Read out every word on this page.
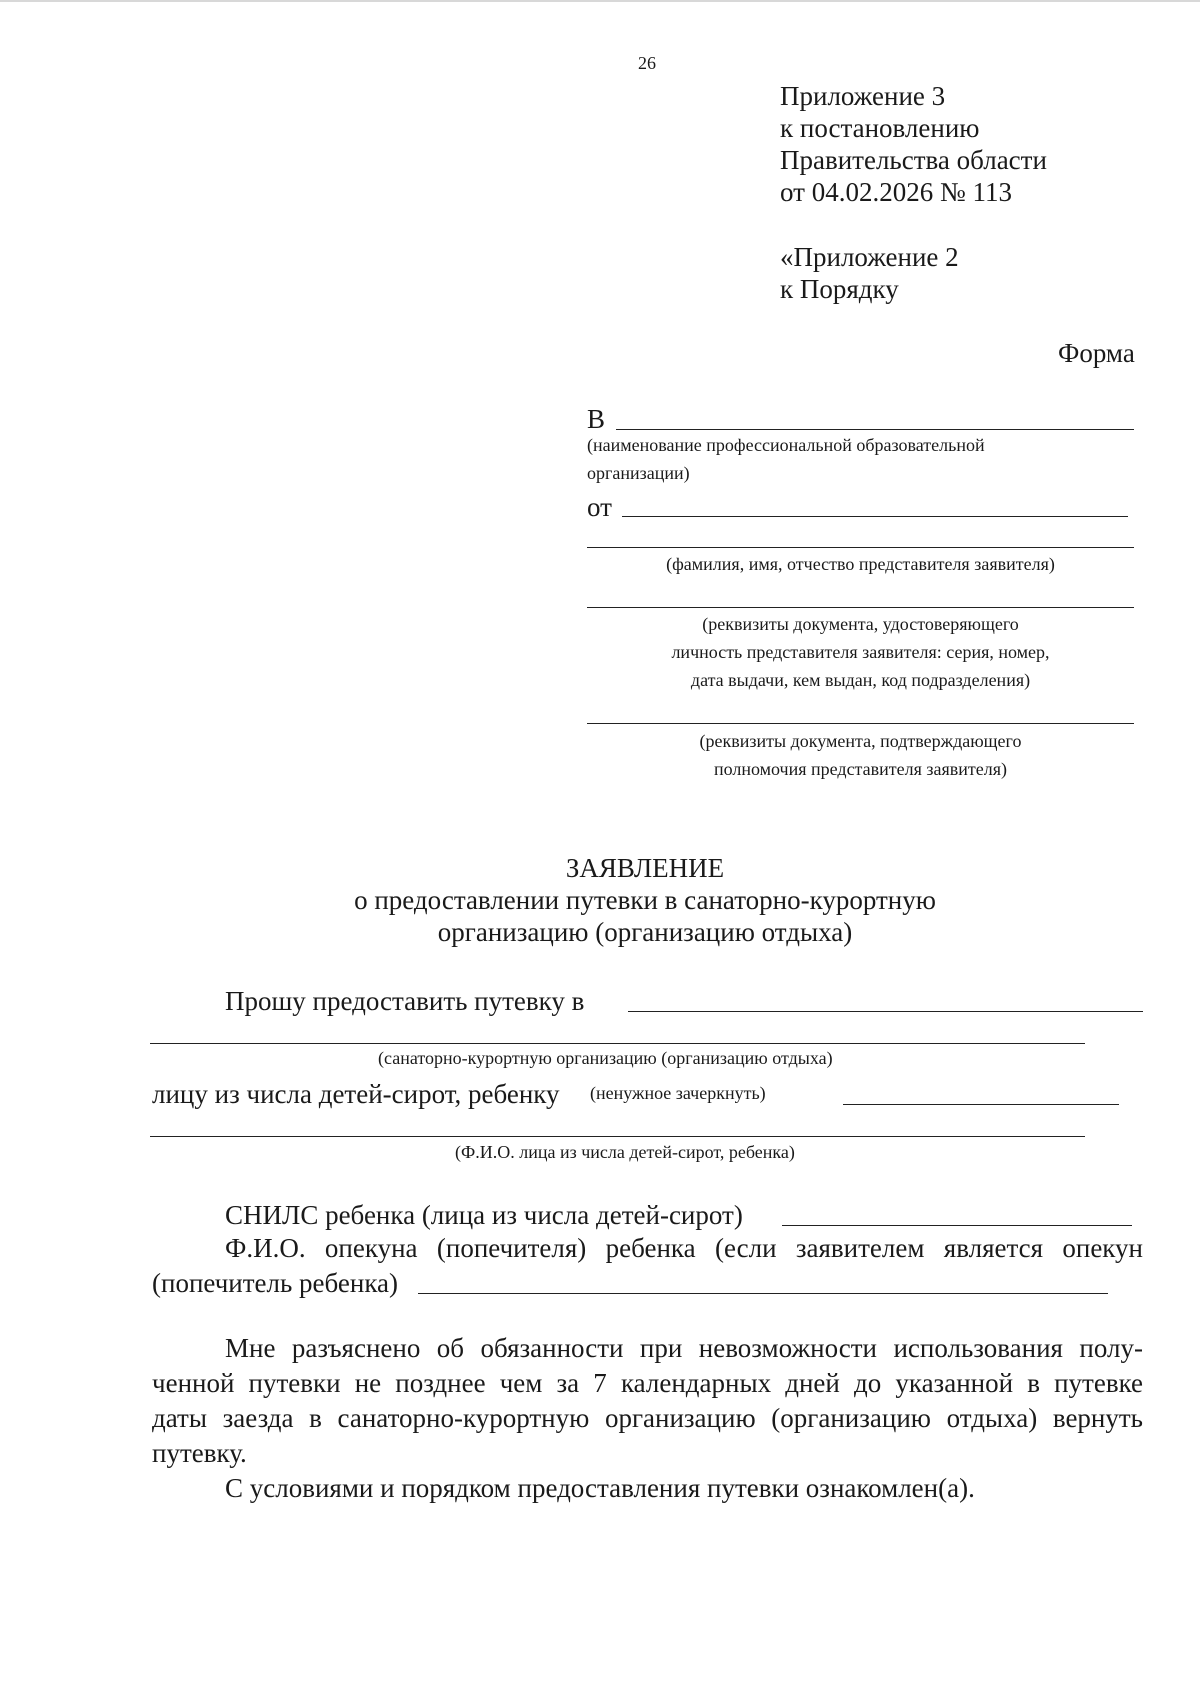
26
Приложение 3
к постановлению
Правительства области
от 04.02.2026 № 113
«Приложение 2
к Порядку
Форма
В
(наименование профессиональной образовательной
организации)
от
(фамилия, имя, отчество представителя заявителя)
(реквизиты документа, удостоверяющего
личность представителя заявителя: серия, номер,
дата выдачи, кем выдан, код подразделения)
(реквизиты документа, подтверждающего
полномочия представителя заявителя)
ЗАЯВЛЕНИЕ
о предоставлении путевки в санаторно-курортную
организацию (организацию отдыха)
Прошу предоставить путевку в
(санаторно-курортную организацию (организацию отдыха)
лицу из числа детей-сирот, ребенку (ненужное зачеркнуть)
(Ф.И.О. лица из числа детей-сирот, ребенка)
СНИЛС ребенка (лица из числа детей-сирот)
Ф.И.О. опекуна (попечителя) ребенка (если заявителем является опекун
(попечитель ребенка)
Мне разъяснено об обязанности при невозможности использования полу-
ченной путевки не позднее чем за 7 календарных дней до указанной в путевке
даты заезда в санаторно-курортную организацию (организацию отдыха) вернуть
путевку.
С условиями и порядком предоставления путевки ознакомлен(а).
